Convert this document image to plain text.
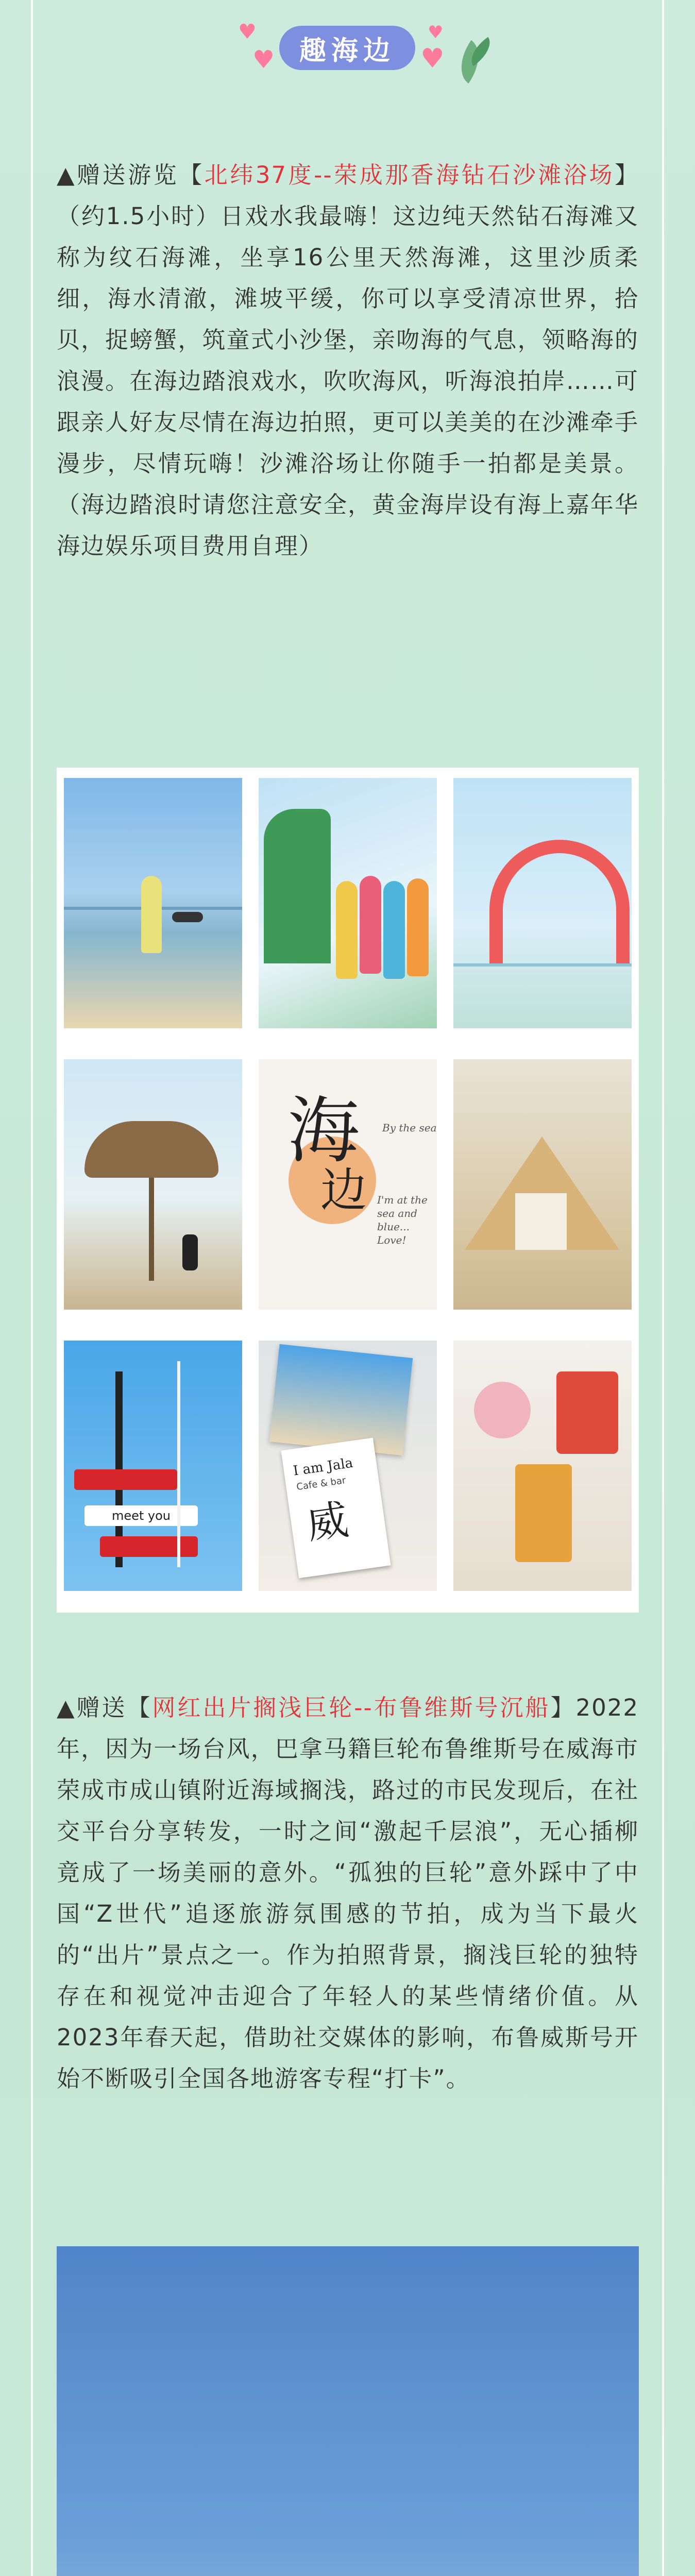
♥
♥ 趣海边
♥
♥

▲赠送游览【北纬37度--荣成那香海钻石沙滩浴场】（约1.5小时）日戏水我最嗨！这边纯天然钻石海滩又称为纹石海滩，坐享16公里天然海滩，这里沙质柔细，海水清澈，滩坡平缓，你可以享受清凉世界，拾贝，捉螃蟹，筑童式小沙堡，亲吻海的气息，领略海的浪漫。在海边踏浪戏水，吹吹海风，听海浪拍岸……可跟亲人好友尽情在海边拍照，更可以美美的在沙滩牵手漫步，尽情玩嗨！沙滩浴场让你随手一拍都是美景。（海边踏浪时请您注意安全，黄金海岸设有海上嘉年华海边娱乐项目费用自理）

海
边
By the sea
I'm at the
sea and
blue...
Love!
meet you
I am Jala
Cafe & bar
威

▲赠送【网红出片搁浅巨轮--布鲁维斯号沉船】2022年，因为一场台风，巴拿马籍巨轮布鲁维斯号在威海市荣成市成山镇附近海域搁浅，路过的市民发现后，在社交平台分享转发，一时之间“激起千层浪”，无心插柳竟成了一场美丽的意外。“孤独的巨轮”意外踩中了中国“Z世代”追逐旅游氛围感的节拍，成为当下最火的“出片”景点之一。作为拍照背景，搁浅巨轮的独特存在和视觉冲击迎合了年轻人的某些情绪价值。从2023年春天起，借助社交媒体的影响，布鲁威斯号开始不断吸引全国各地游客专程“打卡”。
